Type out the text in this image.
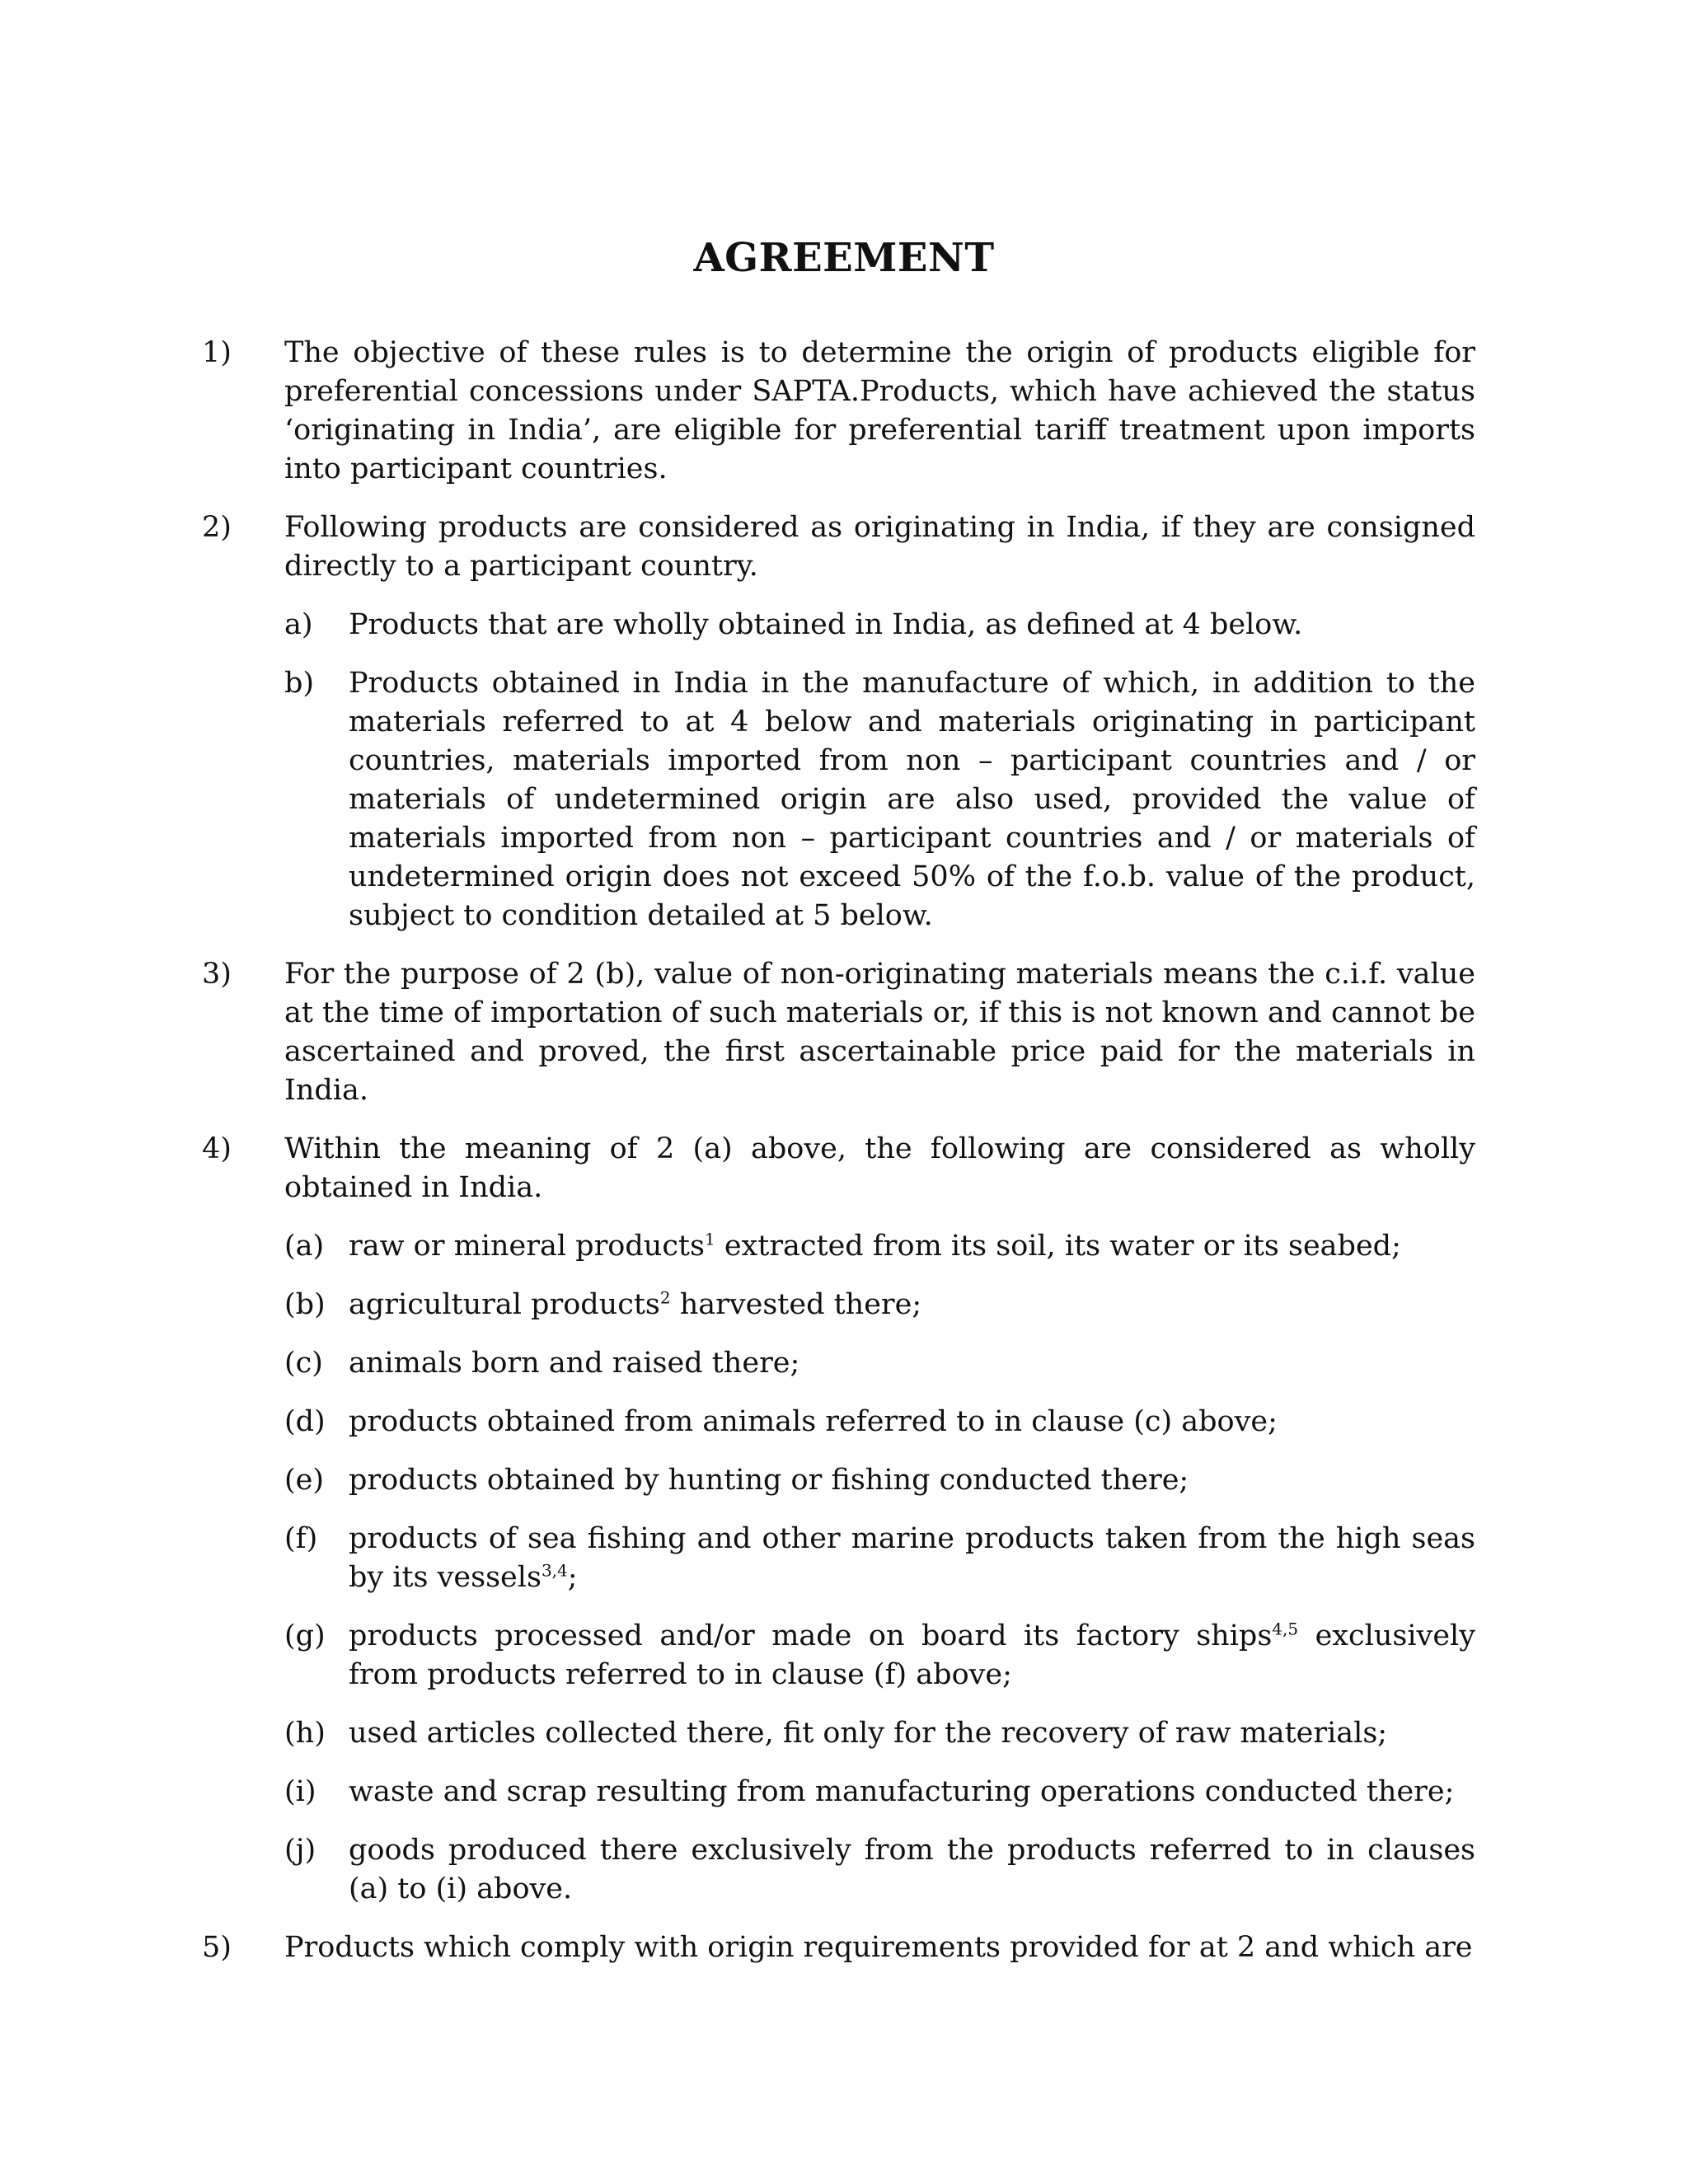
AGREEMENT
1) The objective of these rules is to determine the origin of products eligible for preferential concessions under SAPTA.Products, which have achieved the status ‘originating in India’, are eligible for preferential tariff treatment upon imports into participant countries.
2) Following products are considered as originating in India, if they are consigned directly to a participant country.
a) Products that are wholly obtained in India, as defined at 4 below.
b) Products obtained in India in the manufacture of which, in addition to the materials referred to at 4 below and materials originating in participant countries, materials imported from non – participant countries and / or materials of undetermined origin are also used, provided the value of materials imported from non – participant countries and / or materials of undetermined origin does not exceed 50% of the f.o.b. value of the product, subject to condition detailed at 5 below.
3) For the purpose of 2 (b), value of non-originating materials means the c.i.f. value at the time of importation of such materials or, if this is not known and cannot be ascertained and proved, the first ascertainable price paid for the materials in India.
4) Within the meaning of 2 (a) above, the following are considered as wholly obtained in India.
(a) raw or mineral products$^1$ extracted from its soil, its water or its seabed;
(b) agricultural products$^2$ harvested there;
(c) animals born and raised there;
(d) products obtained from animals referred to in clause (c) above;
(e) products obtained by hunting or fishing conducted there;
(f) products of sea fishing and other marine products taken from the high seas by its vessels$^{3,4}$;
(g) products processed and/or made on board its factory ships$^{4,5}$ exclusively from products referred to in clause (f) above;
(h) used articles collected there, fit only for the recovery of raw materials;
(i) waste and scrap resulting from manufacturing operations conducted there;
(j) goods produced there exclusively from the products referred to in clauses (a) to (i) above.
5) Products which comply with origin requirements provided for at 2 and which are
